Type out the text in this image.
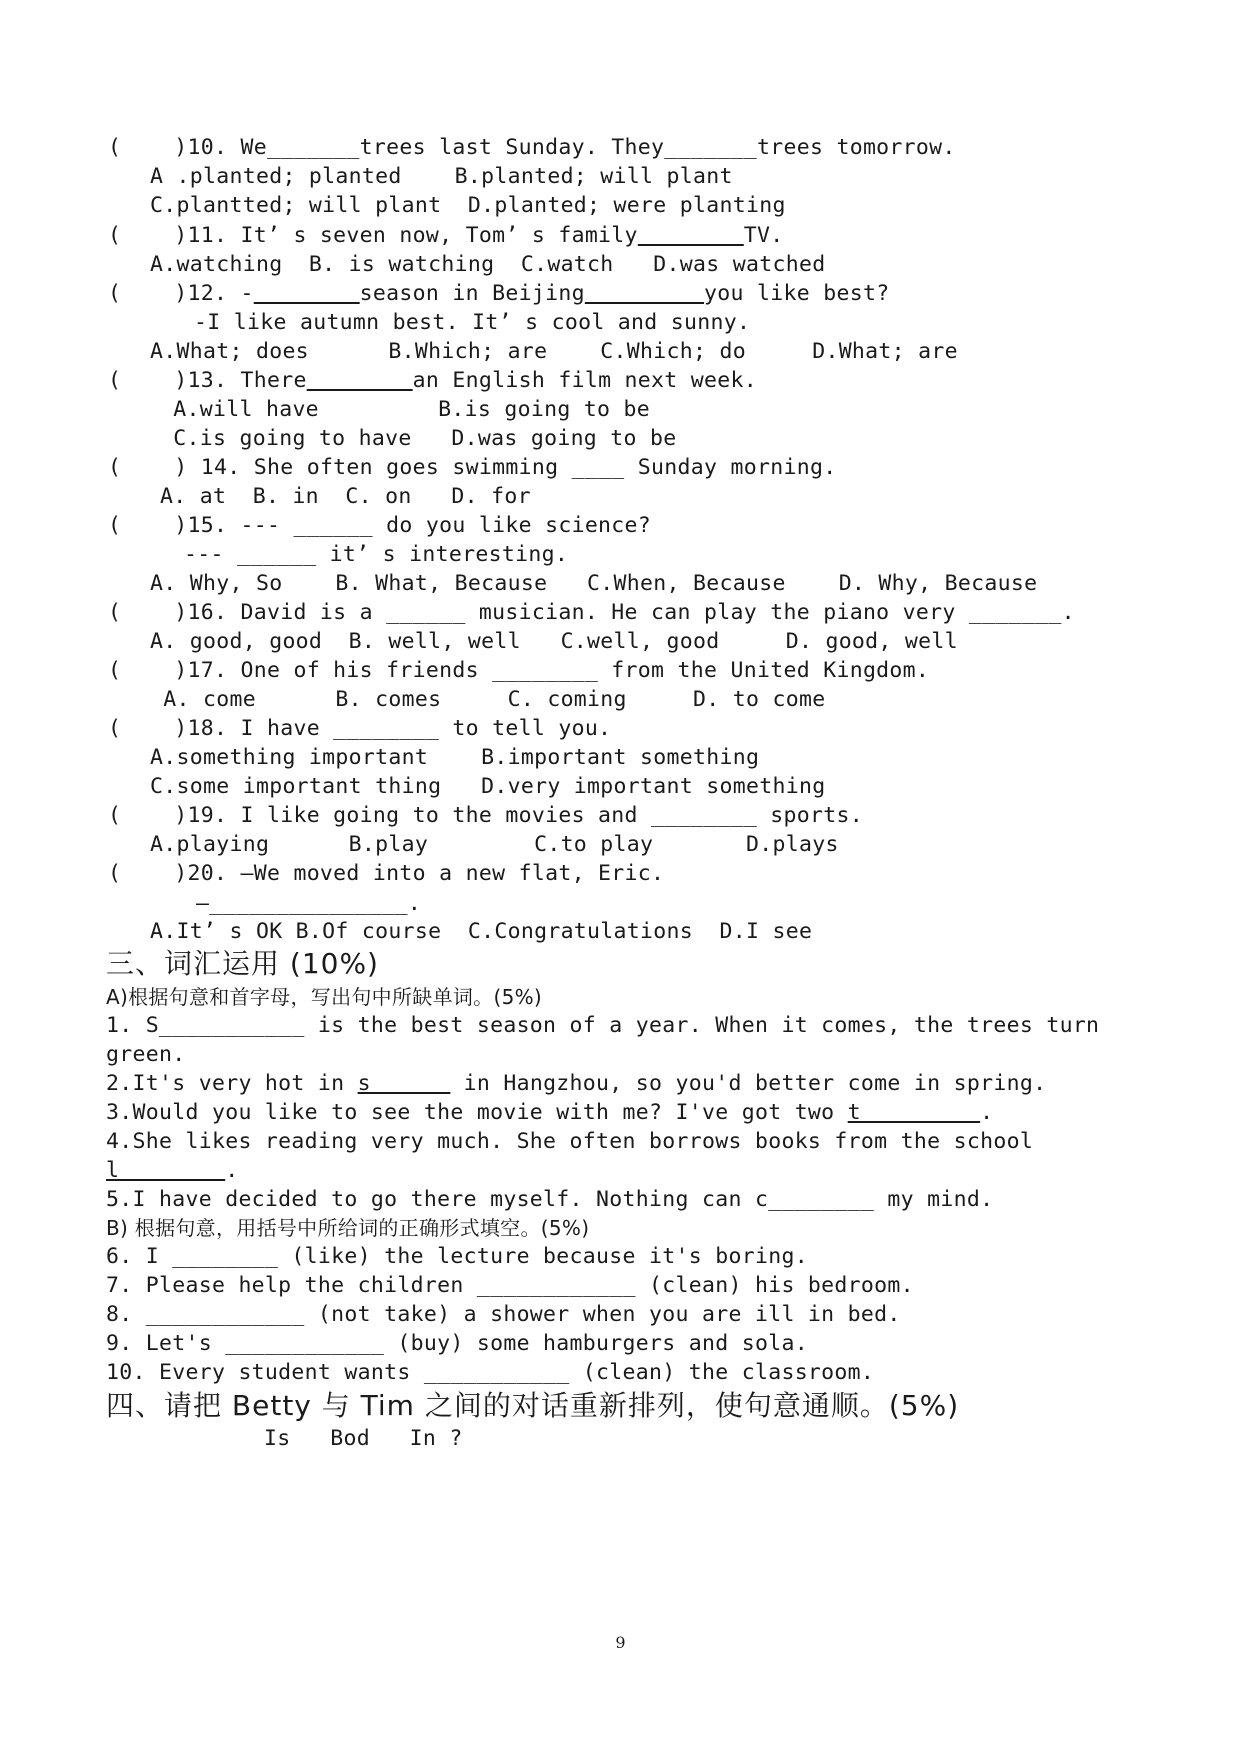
( )10. We_______trees last Sunday. They_______trees tomorrow.
A .planted; planted    B.planted; will plant
C.plantted; will plant  D.planted; were planting
( )11. It’ s seven now, Tom’ s family	TV.
A.watching  B. is watching  C.watch   D.was watched
( )12. -	season in Beijing	you like best?
-I like autumn best. It’ s cool and sunny.
A.What; does      B.Which; are    C.Which; do     D.What; are
( )13. There	an English film next week.
A.will have         B.is going to be
C.is going to have   D.was going to be
( ) 14. She often goes swimming ____ Sunday morning.
A. at  B. in  C. on   D. for
( )15. --- ______ do you like science?
--- ______ it’ s interesting.
A. Why, So    B. What, Because   C.When, Because    D. Why, Because
( )16. David is a ______ musician. He can play the piano very _______.
A. good, good  B. well, well   C.well, good     D. good, well
( )17. One of his friends ________ from the United Kingdom.
A. come      B. comes     C. coming     D. to come
( )18. I have ________ to tell you.
A.something important    B.important something
C.some important thing   D.very important something
( )19. I like going to the movies and ________ sports.
A.playing      B.play        C.to play       D.plays
( )20. —We moved into a new flat, Eric.
—_______________.
A.It’ s OK B.Of course  C.Congratulations  D.I see
三、词汇运用 (10%)
A)根据句意和首字母，写出句中所缺单词。(5%)
1. S___________ is the best season of a year. When it comes, the trees turn
green.
2.It's very hot in s       in Hangzhou, so you'd better come in spring.
3.Would you like to see the movie with me? I've got two t         .
4.She likes reading very much. She often borrows books from the school
l        .
5.I have decided to go there myself. Nothing can c________ my mind.
B) 根据句意，用括号中所给词的正确形式填空。(5%)
6. I ________ (like) the lecture because it's boring.
7. Please help the children ____________ (clean) his bedroom.
8. ____________ (not take) a shower when you are ill in bed.
9. Let's ____________ (buy) some hamburgers and sola.
10. Every student wants ___________ (clean) the classroom.
四、请把 Betty 与 Tim 之间的对话重新排列，使句意通顺。(5%)
Is   Bod   In ?
9
